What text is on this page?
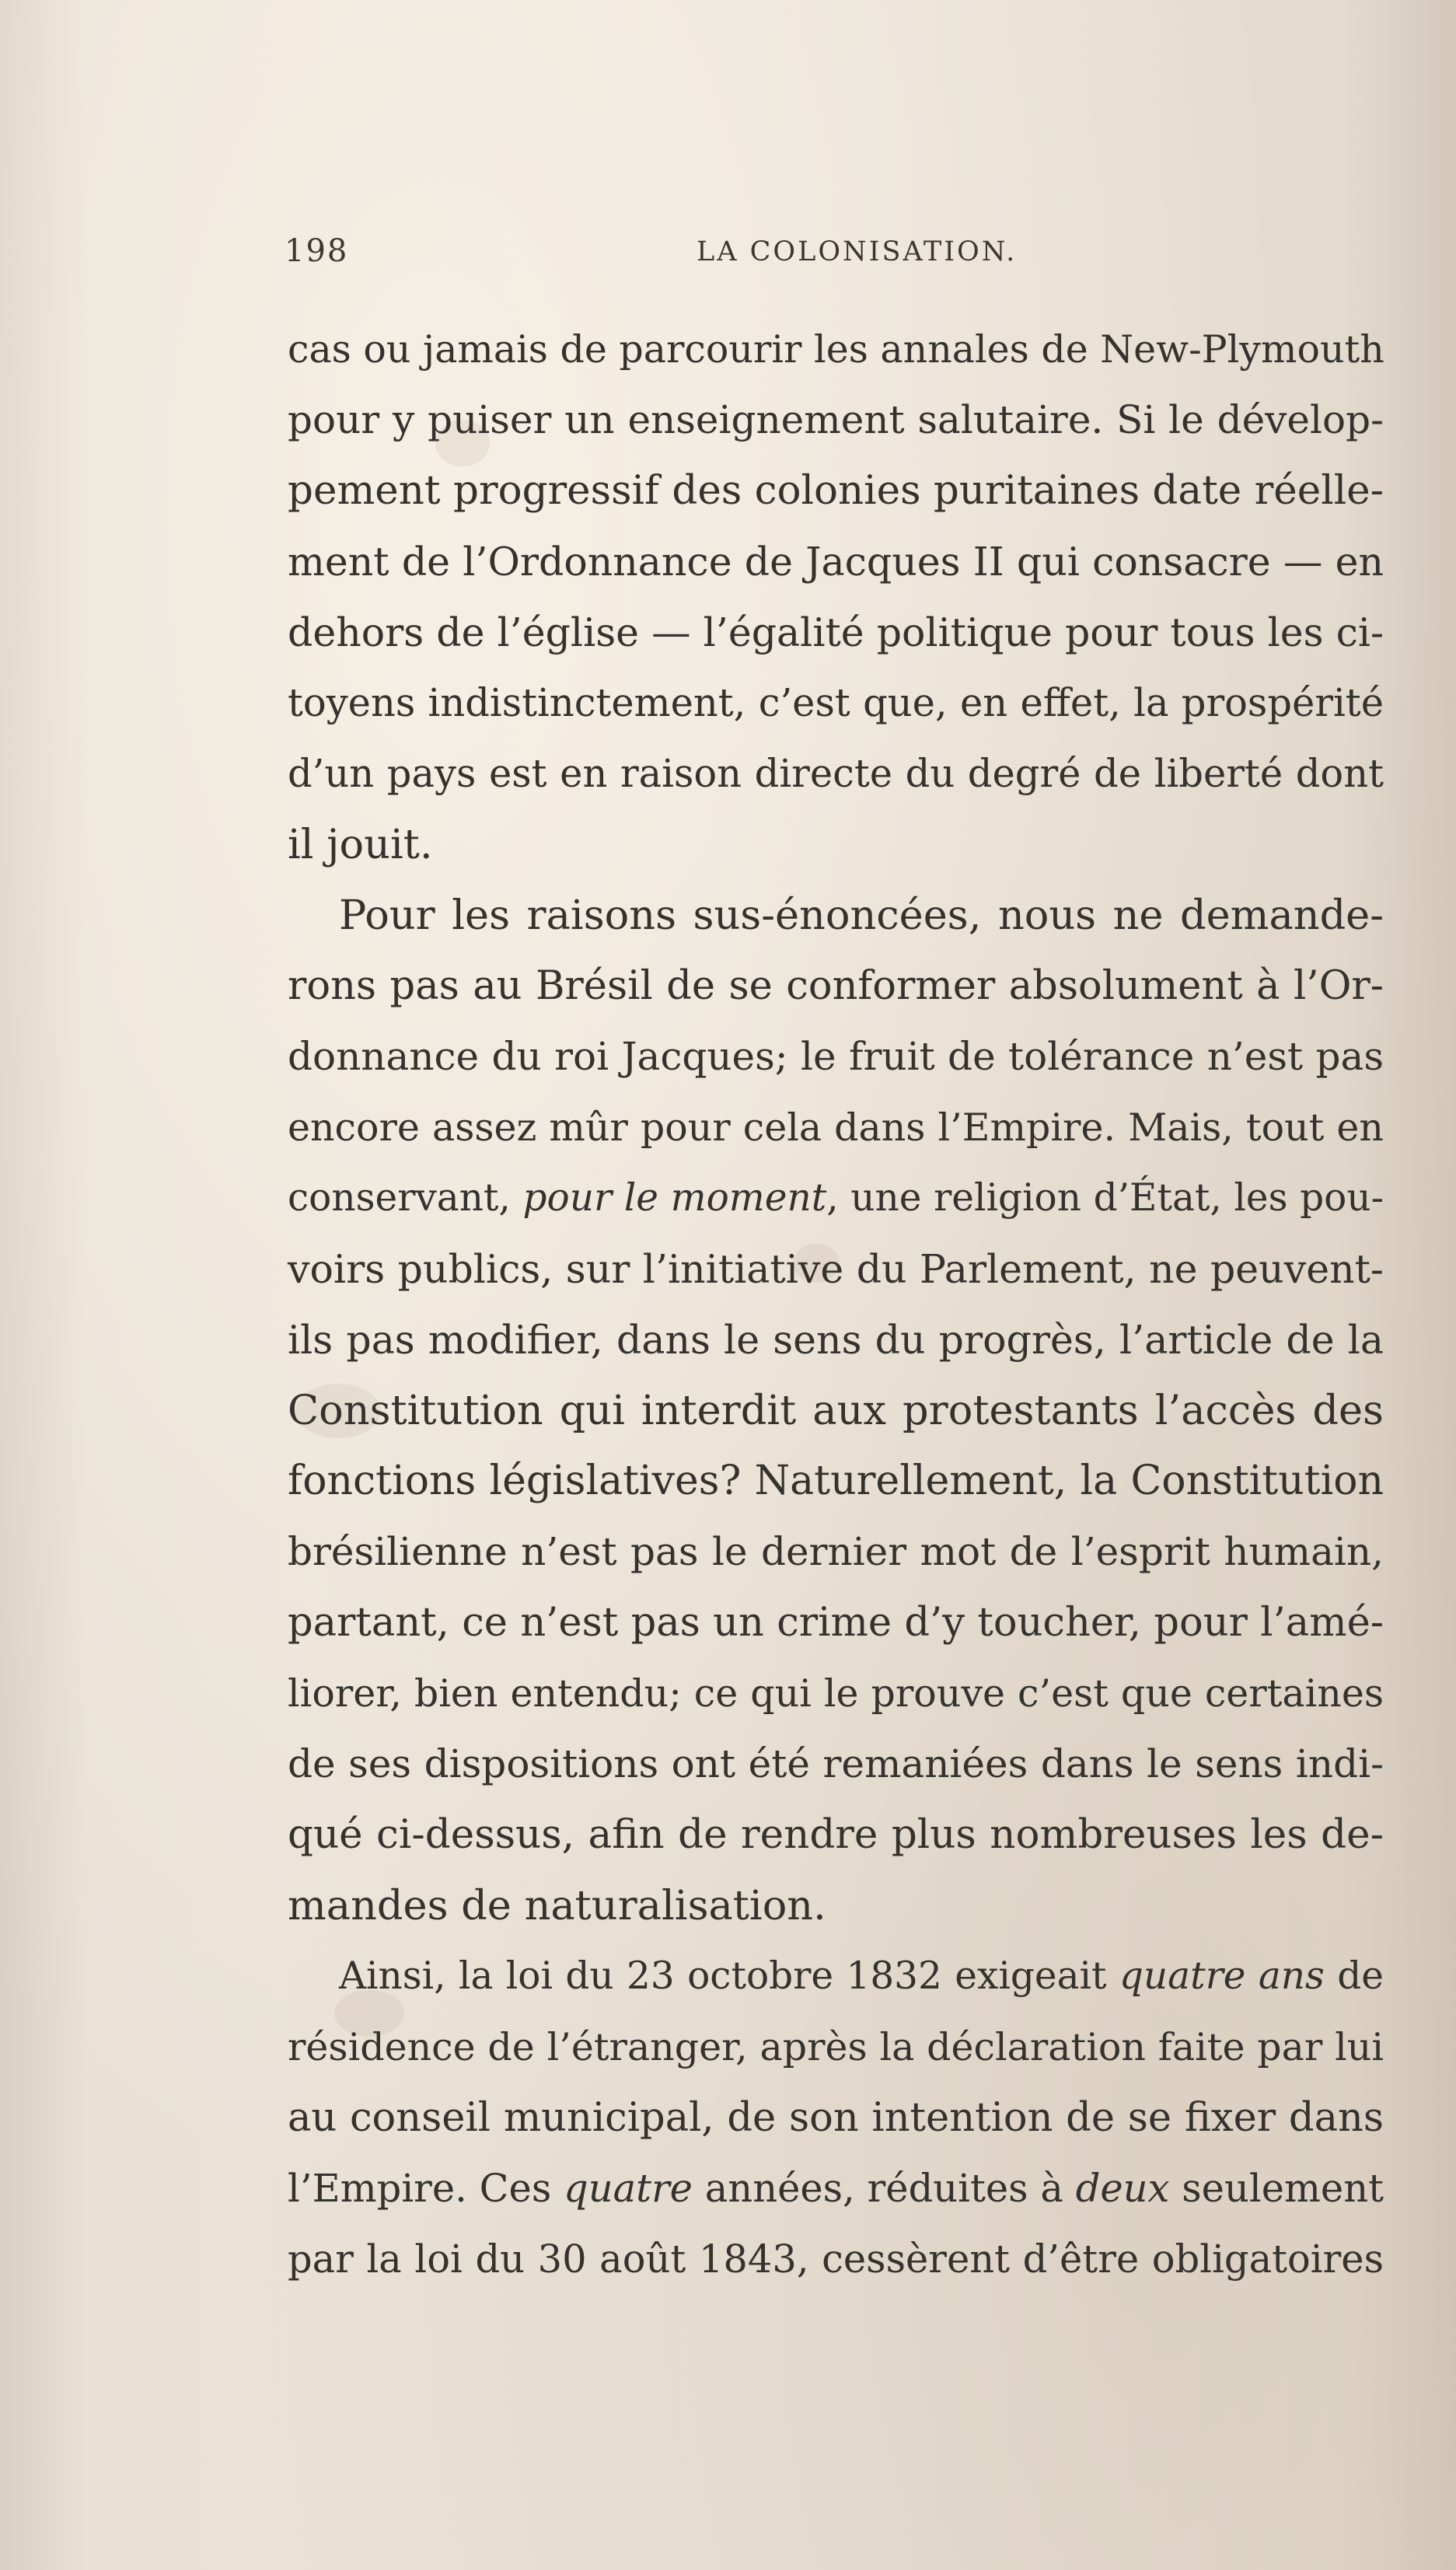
198	LA COLONISATION.
cas ou jamais de parcourir les annales de New-Plymouth
pour y puiser un enseignement salutaire. Si le dévelop-
pement progressif des colonies puritaines date réelle-
ment de l’Ordonnance de Jacques II qui consacre — en
dehors de l’église — l’égalité politique pour tous les ci-
toyens indistinctement, c’est que, en effet, la prospérité
d’un pays est en raison directe du degré de liberté dont
il jouit.
Pour les raisons sus-énoncées, nous ne demande-
rons pas au Brésil de se conformer absolument à l’Or-
donnance du roi Jacques; le fruit de tolérance n’est pas
encore assez mûr pour cela dans l’Empire. Mais, tout en
conservant, pour le moment, une religion d’État, les pou-
voirs publics, sur l’initiative du Parlement, ne peuvent-
ils pas modifier, dans le sens du progrès, l’article de la
Constitution qui interdit aux protestants l’accès des
fonctions législatives? Naturellement, la Constitution
brésilienne n’est pas le dernier mot de l’esprit humain,
partant, ce n’est pas un crime d’y toucher, pour l’amé-
liorer, bien entendu; ce qui le prouve c’est que certaines
de ses dispositions ont été remaniées dans le sens indi-
qué ci-dessus, afin de rendre plus nombreuses les de-
mandes de naturalisation.
Ainsi, la loi du 23 octobre 1832 exigeait quatre ans de
résidence de l’étranger, après la déclaration faite par lui
au conseil municipal, de son intention de se fixer dans
l’Empire. Ces quatre années, réduites à deux seulement
par la loi du 30 août 1843, cessèrent d’être obligatoires
